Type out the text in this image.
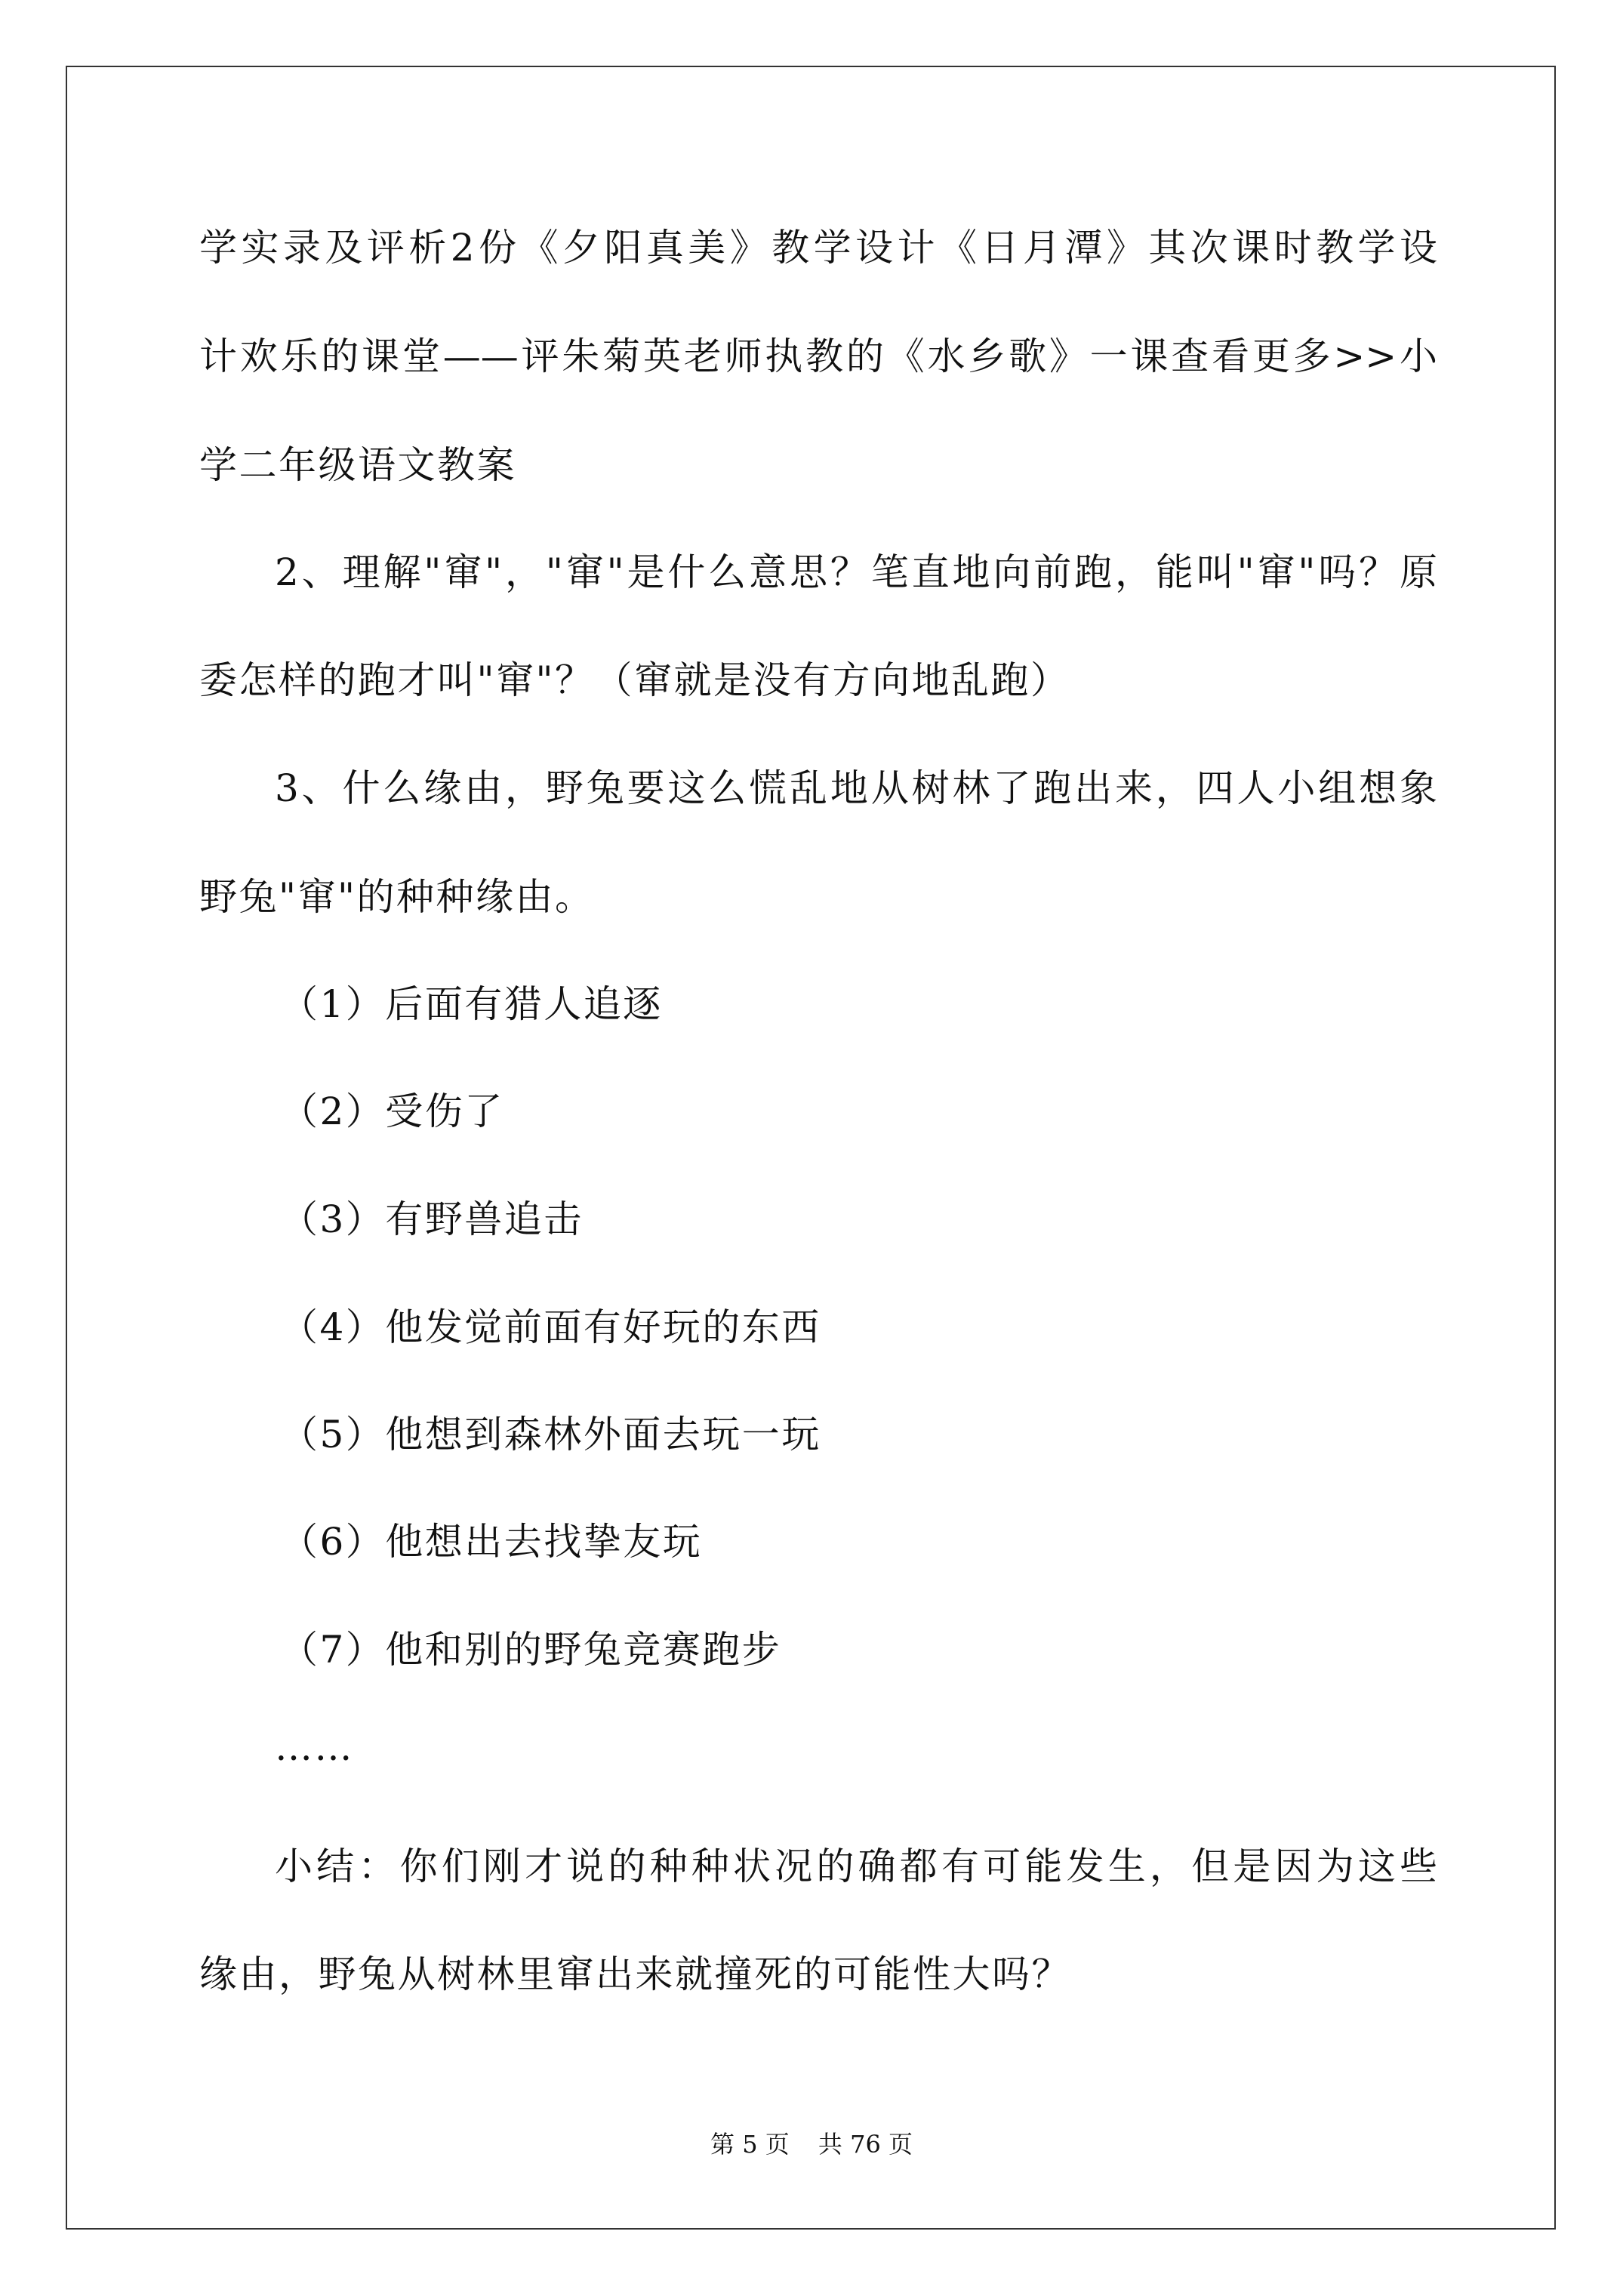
学实录及评析2份《夕阳真美》教学设计《日月潭》其次课时教学设
计欢乐的课堂——评朱菊英老师执教的《水乡歌》一课查看更多>>小
学二年级语文教案
2、理解"窜"，"窜"是什么意思？笔直地向前跑，能叫"窜"吗？原
委怎样的跑才叫"窜"？（窜就是没有方向地乱跑）
3、什么缘由，野兔要这么慌乱地从树林了跑出来，四人小组想象
野兔"窜"的种种缘由。
（1）后面有猎人追逐
（2）受伤了
（3）有野兽追击
（4）他发觉前面有好玩的东西
（5）他想到森林外面去玩一玩
（6）他想出去找挚友玩
（7）他和别的野兔竞赛跑步
……
小结：你们刚才说的种种状况的确都有可能发生，但是因为这些
缘由，野兔从树林里窜出来就撞死的可能性大吗？
第 5 页 共 76 页
